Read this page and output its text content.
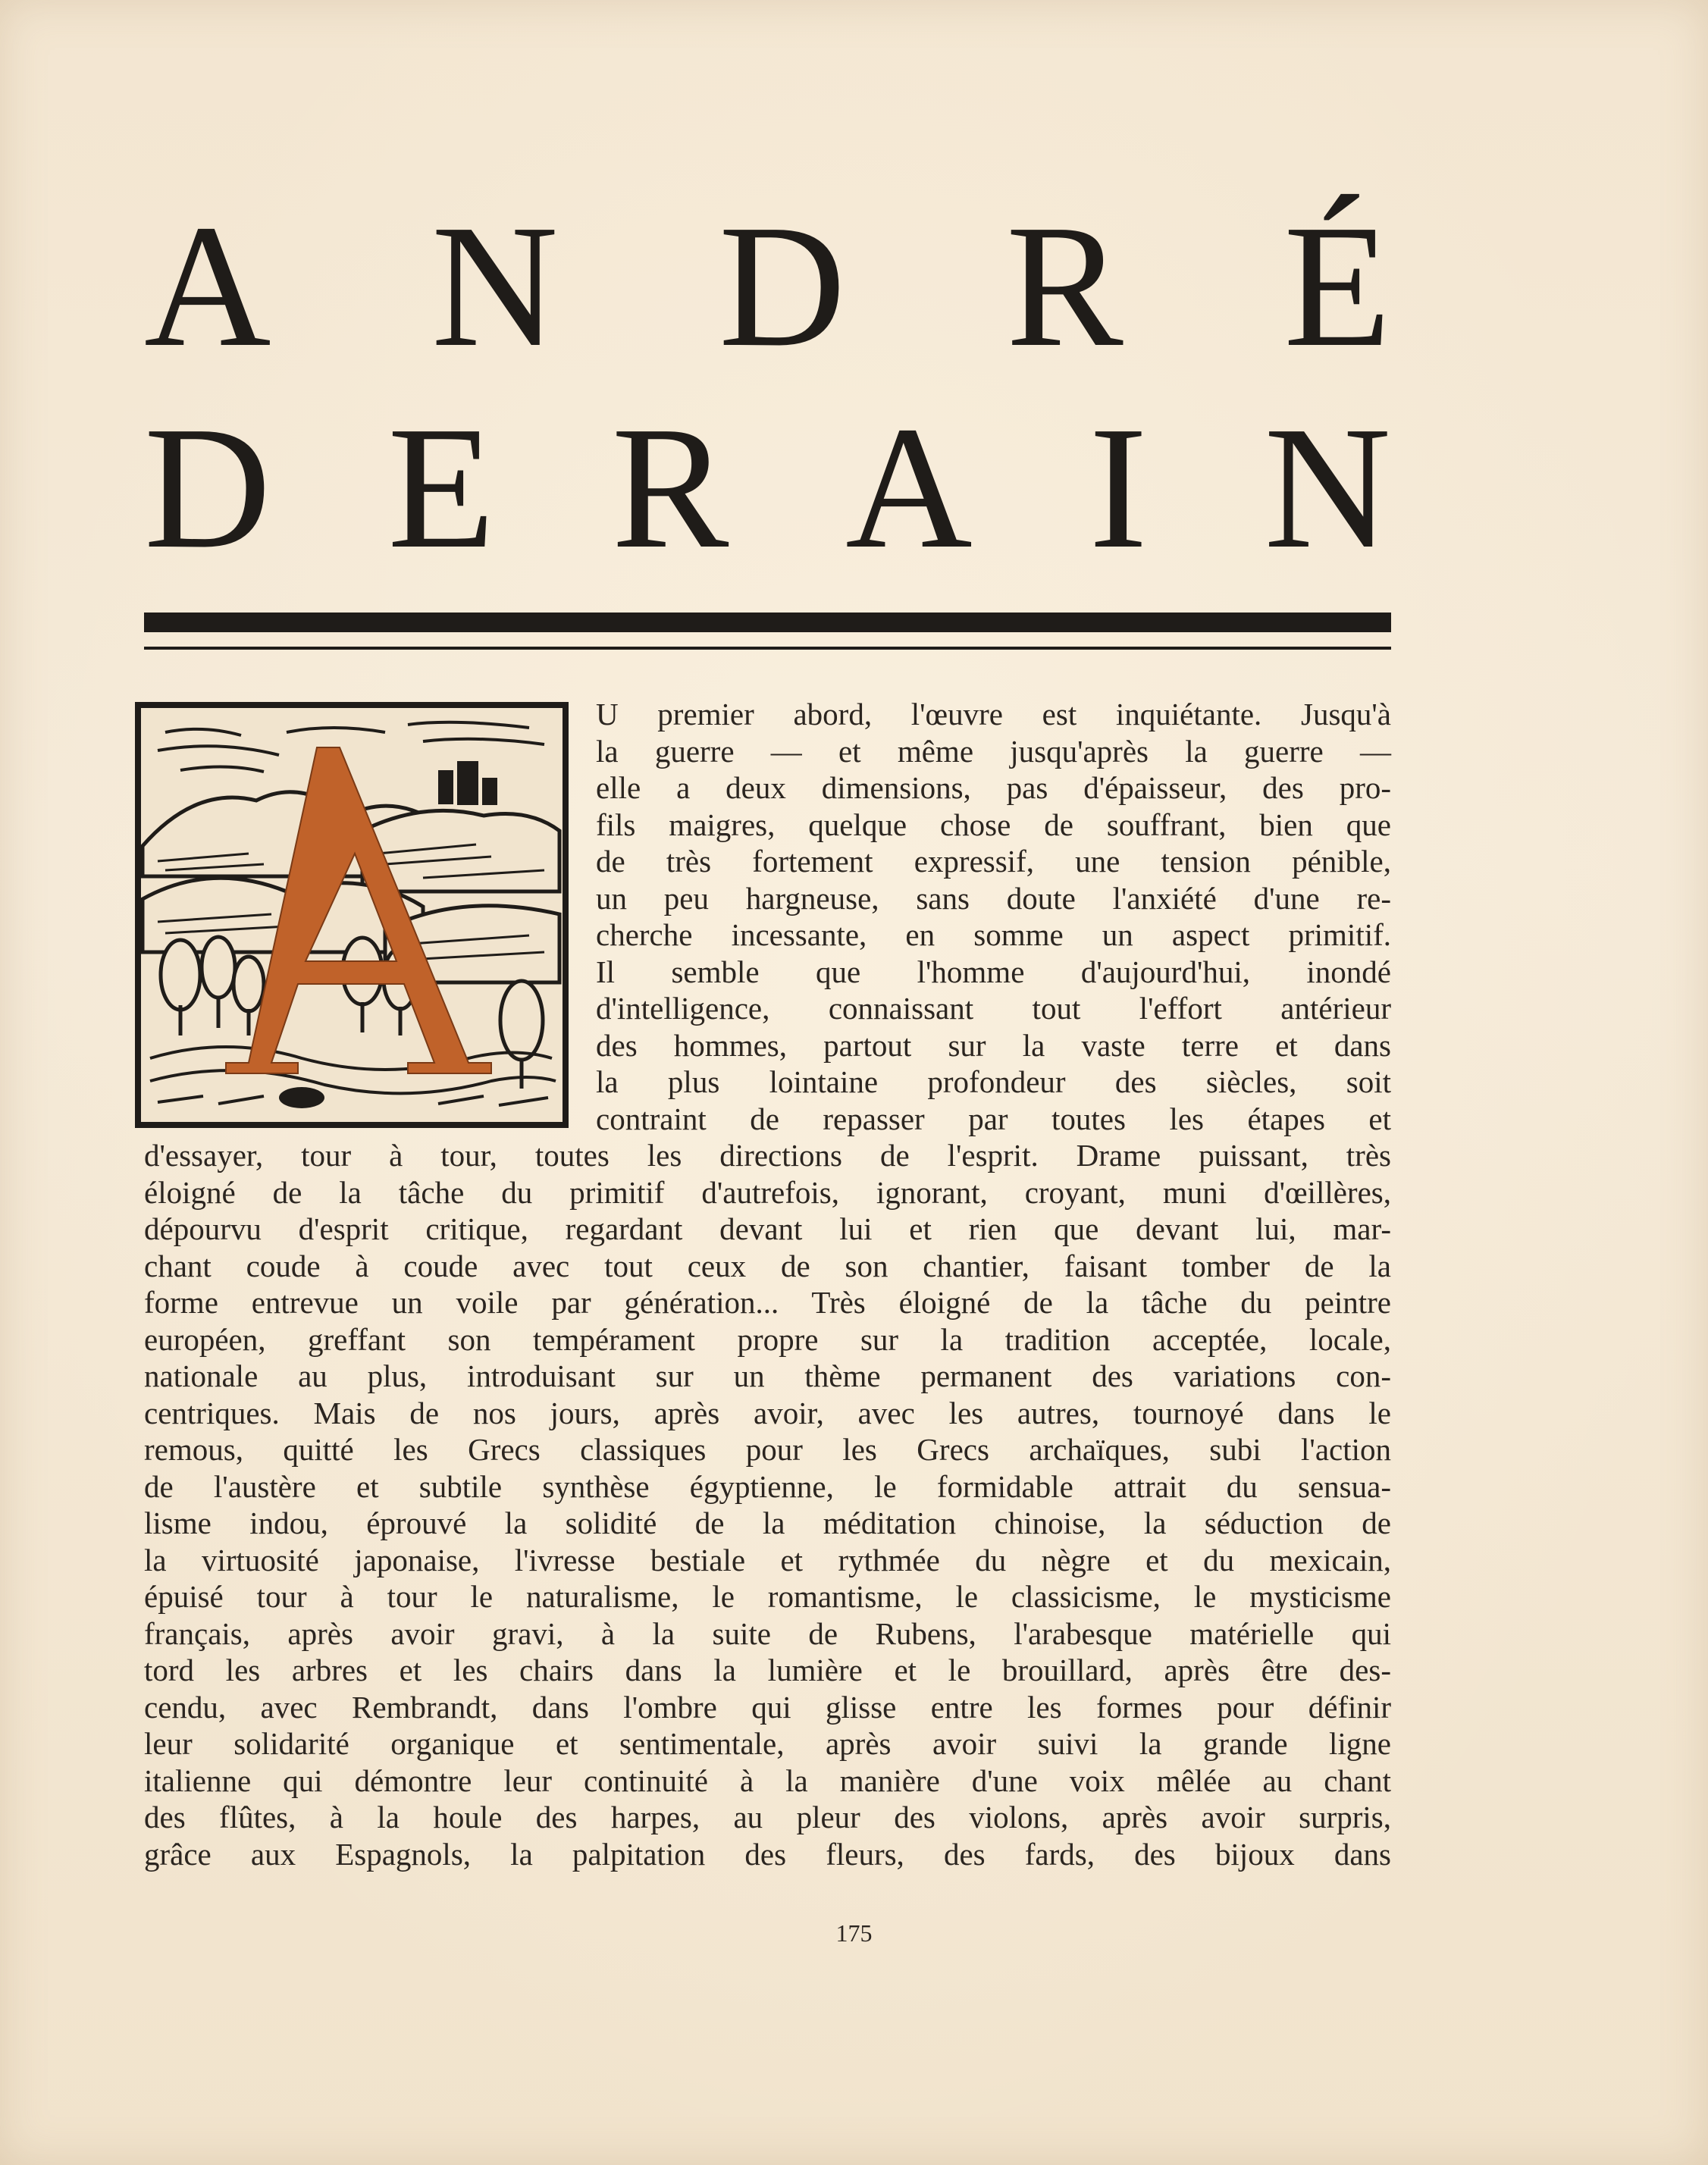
A N D R É
D E R A I N
U premier abord, l'œuvre est inquiétante. Jusqu'à
la guerre — et même jusqu'après la guerre —
elle a deux dimensions, pas d'épaisseur, des pro-
fils maigres, quelque chose de souffrant, bien que
de très fortement expressif, une tension pénible,
un peu hargneuse, sans doute l'anxiété d'une re-
cherche incessante, en somme un aspect primitif.
Il semble que l'homme d'aujourd'hui, inondé
d'intelligence, connaissant tout l'effort antérieur
des hommes, partout sur la vaste terre et dans
la plus lointaine profondeur des siècles, soit
contraint de repasser par toutes les étapes et
d'essayer, tour à tour, toutes les directions de l'esprit. Drame puissant, très
éloigné de la tâche du primitif d'autrefois, ignorant, croyant, muni d'œillères,
dépourvu d'esprit critique, regardant devant lui et rien que devant lui, mar-
chant coude à coude avec tout ceux de son chantier, faisant tomber de la
forme entrevue un voile par génération... Très éloigné de la tâche du peintre
européen, greffant son tempérament propre sur la tradition acceptée, locale,
nationale au plus, introduisant sur un thème permanent des variations con-
centriques. Mais de nos jours, après avoir, avec les autres, tournoyé dans le
remous, quitté les Grecs classiques pour les Grecs archaïques, subi l'action
de l'austère et subtile synthèse égyptienne, le formidable attrait du sensua-
lisme indou, éprouvé la solidité de la méditation chinoise, la séduction de
la virtuosité japonaise, l'ivresse bestiale et rythmée du nègre et du mexicain,
épuisé tour à tour le naturalisme, le romantisme, le classicisme, le mysticisme
français, après avoir gravi, à la suite de Rubens, l'arabesque matérielle qui
tord les arbres et les chairs dans la lumière et le brouillard, après être des-
cendu, avec Rembrandt, dans l'ombre qui glisse entre les formes pour définir
leur solidarité organique et sentimentale, après avoir suivi la grande ligne
italienne qui démontre leur continuité à la manière d'une voix mêlée au chant
des flûtes, à la houle des harpes, au pleur des violons, après avoir surpris,
grâce aux Espagnols, la palpitation des fleurs, des fards, des bijoux dans
175
